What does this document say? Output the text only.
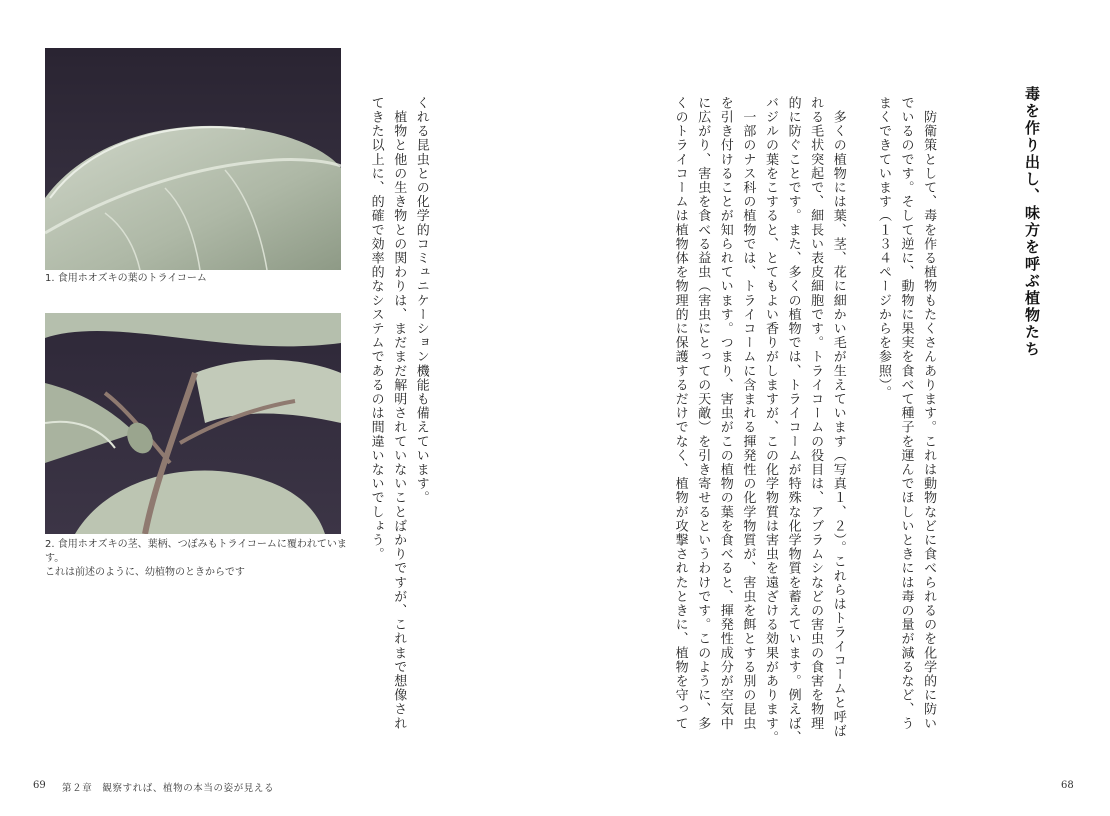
1. 食用ホオズキの葉のトライコーム
2. 食用ホオズキの茎、葉柄、つぼみもトライコームに覆われています。
これは前述のように、幼植物のときからです
くれる昆虫との化学的コミュニケーション機能も備えています。
　植物と他の生き物との関わりは、まだまだ解明されていないことばかりですが、これまで想像され
てきた以上に、的確で効率的なシステムであるのは間違いないでしょう。
69 第２章　観察すれば、植物の本当の姿が見える
毒を作り出し、味方を呼ぶ植物たち
　防衛策として、毒を作る植物もたくさんあります。これは動物などに食べられるのを化学的に防い
でいるのです。そして逆に、動物に果実を食べて種子を運んでほしいときには毒の量が減るなど、う
まくできています（１３４ページからを参照）。
　多くの植物には葉、茎、花に細かい毛が生えています（写真１、２）。これらはトライコームと呼ば
れる毛状突起で、細長い表皮細胞です。トライコームの役目は、アブラムシなどの害虫の食害を物理
的に防ぐことです。また、多くの植物では、トライコームが特殊な化学物質を蓄えています。例えば、
バジルの葉をこすると、とてもよい香りがしますが、この化学物質は害虫を遠ざける効果があります。
　一部のナス科の植物では、トライコームに含まれる揮発性の化学物質が、害虫を餌とする別の昆虫
を引き付けることが知られています。つまり、害虫がこの植物の葉を食べると、揮発性成分が空気中
に広がり、害虫を食べる益虫（害虫にとっての天敵）を引き寄せるというわけです。このように、多
くのトライコームは植物体を物理的に保護するだけでなく、植物が攻撃されたときに、植物を守って
68
